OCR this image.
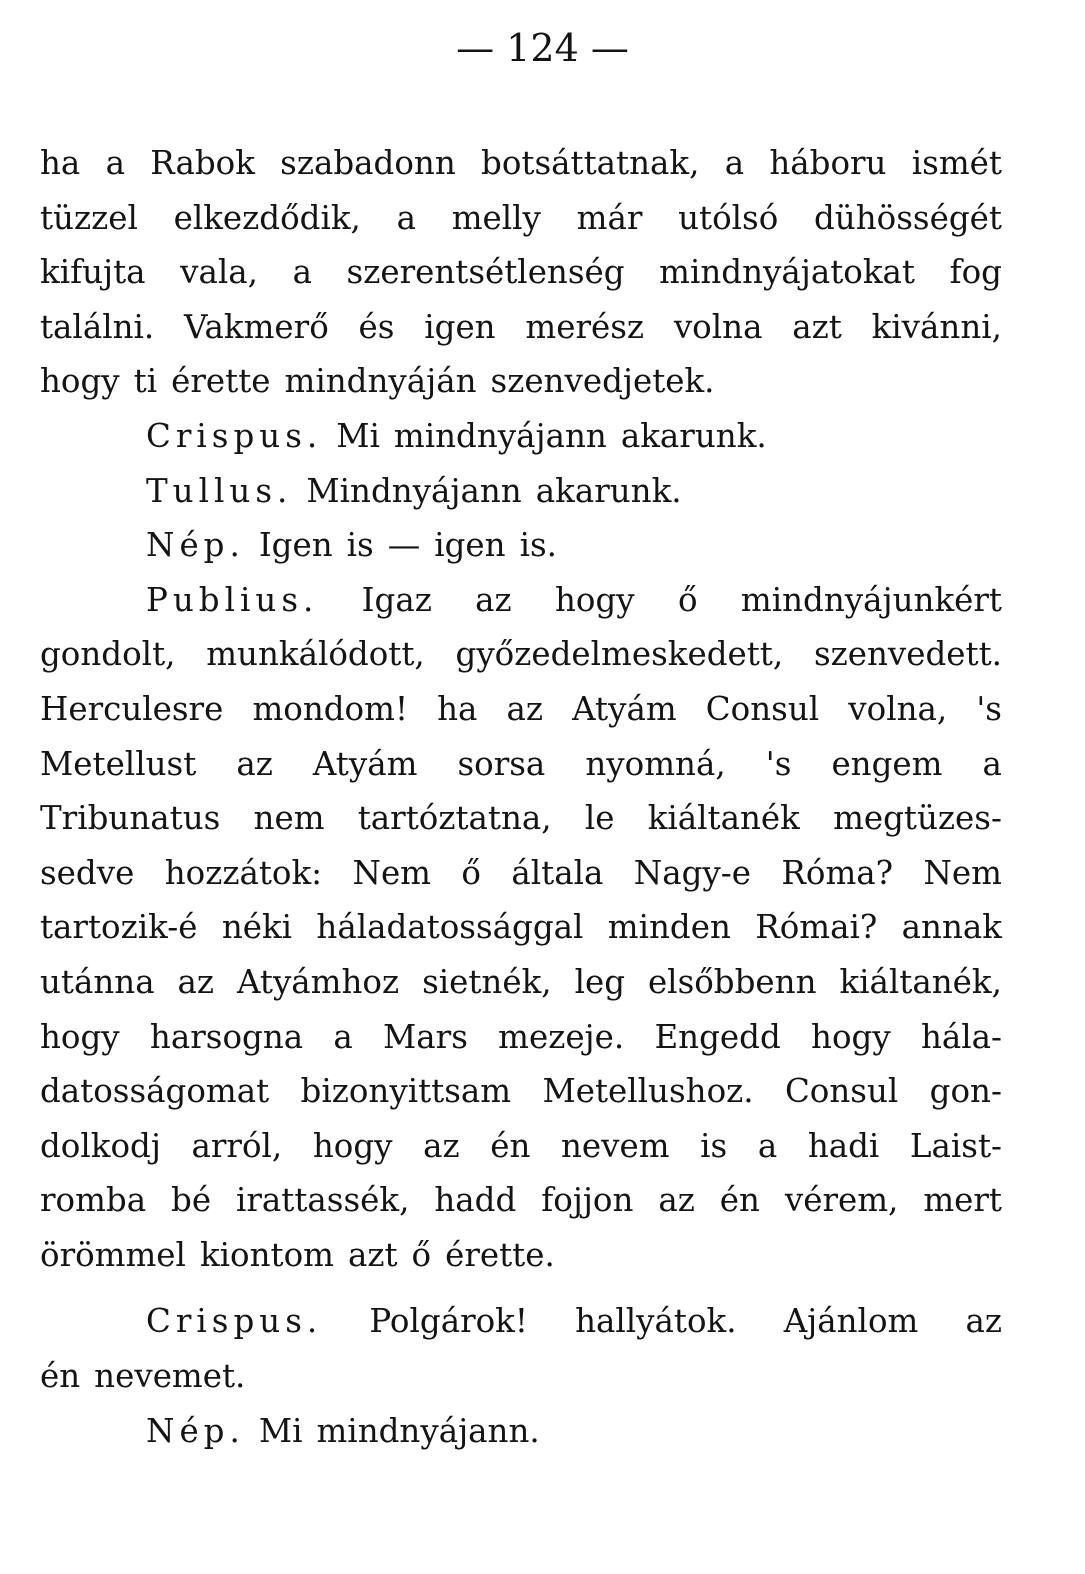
— 124 —
ha a Rabok szabadonn botsáttatnak, a háboru ismét
tüzzel elkezdődik, a melly már utólsó dühösségét
kifujta vala, a szerentsétlenség mindnyájatokat fog
találni. Vakmerő és igen merész volna azt kivánni,
hogy ti érette mindnyáján szenvedjetek.
Crispus. Mi mindnyájann akarunk.
Tullus. Mindnyájann akarunk.
Nép. Igen is — igen is.
Publius. Igaz az hogy ő mindnyájunkért
gondolt, munkálódott, győzedelmeskedett, szenvedett.
Herculesre mondom! ha az Atyám Consul volna, 's
Metellust az Atyám sorsa nyomná, 's engem a
Tribunatus nem tartóztatna, le kiáltanék megtüzes-
sedve hozzátok: Nem ő általa Nagy-e Róma? Nem
tartozik-é néki háladatossággal minden Római? annak
utánna az Atyámhoz sietnék, leg elsőbbenn kiáltanék,
hogy harsogna a Mars mezeje. Engedd hogy hála-
datosságomat bizonyittsam Metellushoz. Consul gon-
dolkodj arról, hogy az én nevem is a hadi Laist-
romba bé irattassék, hadd fojjon az én vérem, mert
örömmel kiontom azt ő érette.
Crispus. Polgárok! hallyátok. Ajánlom az
én nevemet.
Nép. Mi mindnyájann.
